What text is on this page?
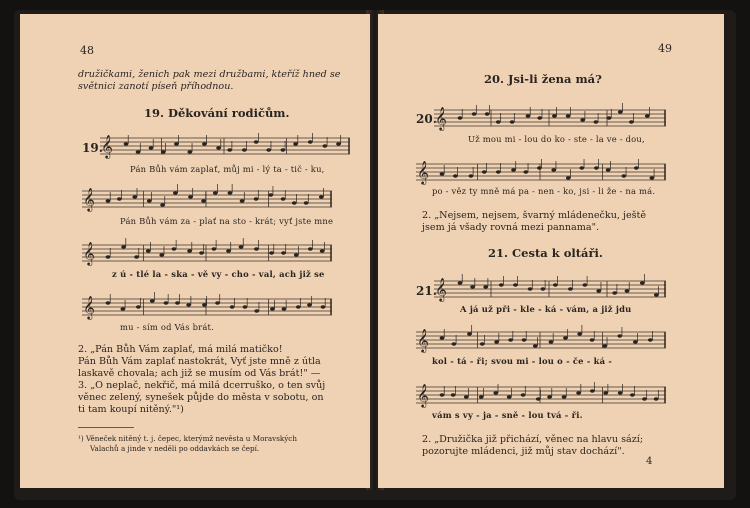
48
družičkami, ženich pak mezi družbami, kteříž hned se
světnici zanotí píseň příhodnou.
19. Děkování rodičům.
19.
𝄞
Pán Bůh vám zaplať, můj mi - lý ta - tič - ku,
𝄞
Pán Bůh vám za - plať na sto - krát; vyť jste mne
𝄞
z ú - tlé la - ska - vě vy - cho - val, ach již se
𝄞
mu - sím od Vás brát.
2. „Pán Bůh Vám zaplať, má milá matičko!
Pán Bůh Vám zaplať nastokrát, Vyť jste mně z útla
laskavě chovala; ach již se musím od Vás brát!" —
3. „O neplač, nekřič, má milá dcerruško, o ten svůj
věnec zelený, synešek půjde do města v sobotu, on
ti tam koupí nitěný."¹)
¹) Věneček nitěný t. j. čepec, kterýmž nevěsta u Moravských
Valachů a jinde v neděli po oddavkách se čepí.
49
20. Jsi-li žena má?
20.
𝄞
Už mou mi - lou do ko - ste - la ve - dou,
𝄞
po - věz ty mně má pa - nen - ko, jsi - li že - na má.
2. „Nejsem, nejsem, švarný mládenečku, ještě
jsem já všady rovná mezi pannama".
21. Cesta k oltáři.
21.
𝄞
A já už při - kle - ká - vám, a již jdu
𝄞
kol - tá - ři; svou mi - lou o - če - ká -
𝄞
vám s vy - ja - sně - lou tvá - ři.
2. „Družička již přichází, věnec na hlavu sází;
pozorujte mládenci, již můj stav dochází".
4
